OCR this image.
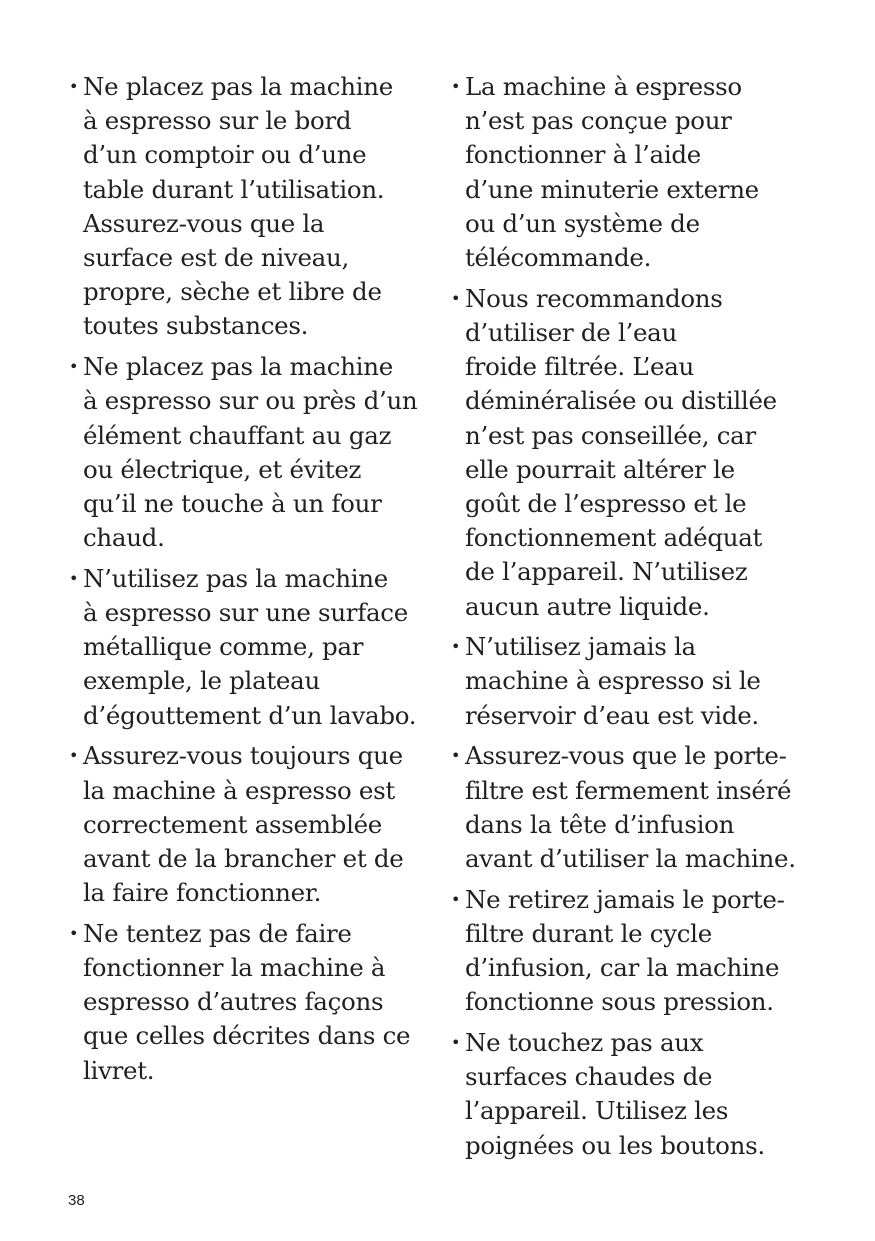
• Ne placez pas la machine
à espresso sur le bord
d’un comptoir ou d’une
table durant l’utilisation.
Assurez-vous que la
surface est de niveau,
propre, sèche et libre de
toutes substances.
• Ne placez pas la machine
à espresso sur ou près d’un
élément chauffant au gaz
ou électrique, et évitez
qu’il ne touche à un four
chaud.
• N’utilisez pas la machine
à espresso sur une surface
métallique comme, par
exemple, le plateau
d’égouttement d’un lavabo.
• Assurez-vous toujours que
la machine à espresso est
correctement assemblée
avant de la brancher et de
la faire fonctionner.
• Ne tentez pas de faire
fonctionner la machine à
espresso d’autres façons
que celles décrites dans ce
livret.
• La machine à espresso
n’est pas conçue pour
fonctionner à l’aide
d’une minuterie externe
ou d’un système de
télécommande.
• Nous recommandons
d’utiliser de l’eau
froide filtrée. L’eau
déminéralisée ou distillée
n’est pas conseillée, car
elle pourrait altérer le
goût de l’espresso et le
fonctionnement adéquat
de l’appareil. N’utilisez
aucun autre liquide.
• N’utilisez jamais la
machine à espresso si le
réservoir d’eau est vide.
• Assurez-vous que le porte-
filtre est fermement inséré
dans la tête d’infusion
avant d’utiliser la machine.
• Ne retirez jamais le porte-
filtre durant le cycle
d’infusion, car la machine
fonctionne sous pression.
• Ne touchez pas aux
surfaces chaudes de
l’appareil. Utilisez les
poignées ou les boutons.
38
